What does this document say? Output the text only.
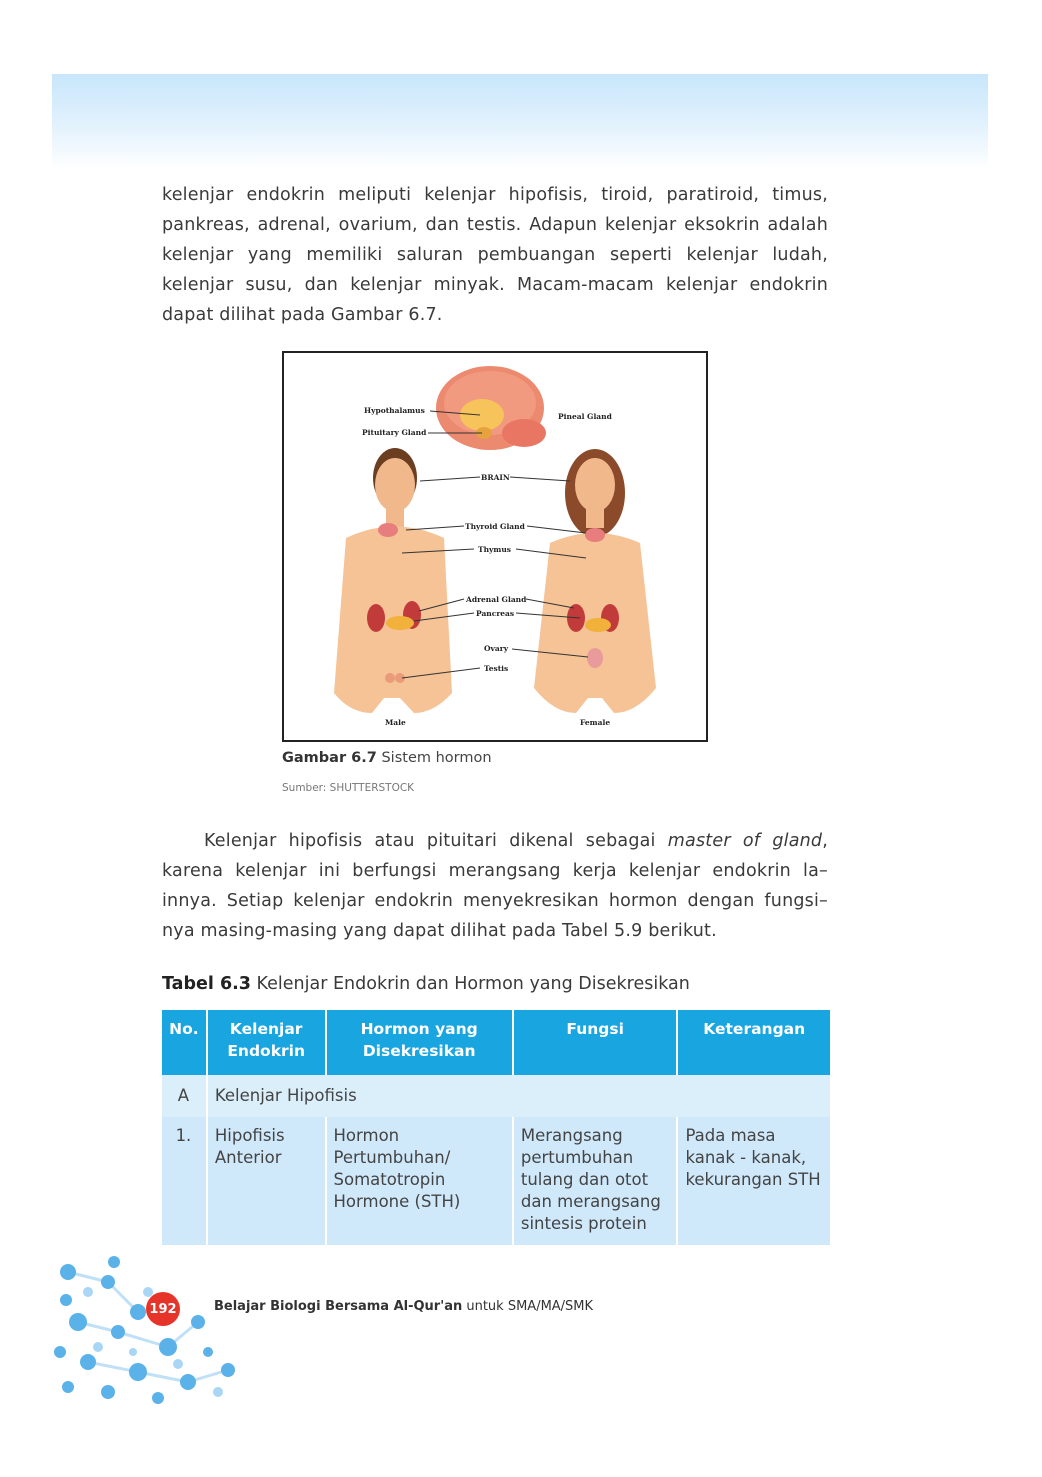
kelenjar endokrin meliputi kelenjar hipofisis, tiroid, paratiroid, timus, pankreas, adrenal, ovarium, dan testis. Adapun kelenjar eksokrin adalah kelenjar yang memiliki saluran pembuangan seperti kelenjar ludah, kelenjar susu, dan kelenjar minyak. Macam-macam kelenjar endokrin dapat dilihat pada Gambar 6.7.

Hypothalamus
Pituitary Gland
Pineal Gland
BRAIN
Thyroid Gland
Thymus
Adrenal Gland
Pancreas
Ovary
Testis
Male	Female
Gambar 6.7 Sistem hormon
Sumber: SHUTTERSTOCK

Kelenjar hipofisis atau pituitari dikenal sebagai master of gland, karena kelenjar ini berfungsi merangsang kerja kelenjar endokrin la–innya. Setiap kelenjar endokrin menyekresikan hormon dengan fungsi–nya masing-masing yang dapat dilihat pada Tabel 5.9 berikut.

Tabel 6.3 Kelenjar Endokrin dan Hormon yang Disekresikan
No.	Kelenjar Endokrin	Hormon yang Disekresikan	Fungsi	Keterangan
A	Kelenjar Hipofisis			
1.	Hipofisis Anterior	Hormon Pertumbuhan/ Somatotropin Hormone (STH)	Merangsang pertumbuhan tulang dan otot dan merangsang sintesis protein	Pada masa kanak - kanak, kekurangan STH
192	Belajar Biologi Bersama Al-Qur'an untuk SMA/MA/SMK
